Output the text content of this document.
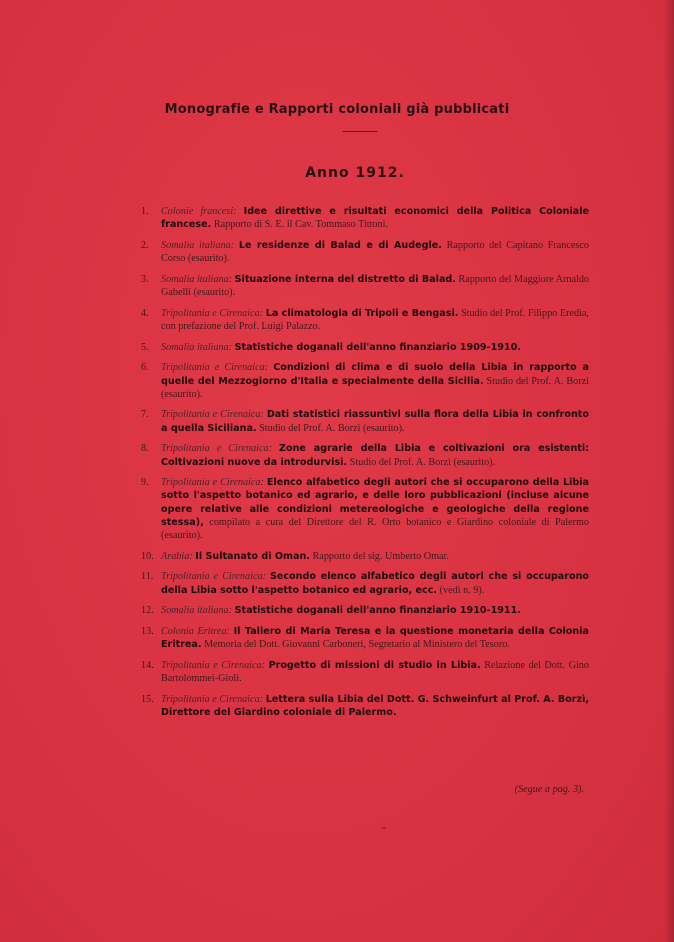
Monografie e Rapporti coloniali già pubblicati
Anno 1912.
1. Colonie francesi: Idee direttive e risultati economici della Politica Coloniale francese. Rapporto di S. E. il Cav. Tommaso Tittoni.
2. Somalia italiana: Le residenze di Balad e di Audegle. Rapporto del Capitano Francesco Corso (esaurito).
3. Somalia italiana: Situazione interna del distretto di Balad. Rapporto del Maggiore Arnaldo Gabelli (esaurito).
4. Tripolitania e Cirenaica: La climatologia di Tripoli e Bengasi. Studio del Prof. Filippo Eredia, con prefazione del Prof. Luigi Palazzo.
5. Somalia italiana: Statistiche doganali dell'anno finanziario 1909-1910.
6. Tripolitania e Cirenaica: Condizioni di clima e di suolo della Libia in rapporto a quelle del Mezzogiorno d'Italia e specialmente della Sicilia. Studio del Prof. A. Borzì (esaurito).
7. Tripolitania e Cirenaica: Dati statistici riassuntivi sulla flora della Libia in confronto a quella Siciliana. Studio del Prof. A. Borzì (esaurito).
8. Tripolitania e Cirenaica: Zone agrarie della Libia e coltivazioni ora esistenti: Coltivazioni nuove da introdurvisi. Studio del Prof. A. Borzì (esaurito).
9. Tripolitania e Cirenaica: Elenco alfabetico degli autori che si occuparono della Libia sotto l'aspetto botanico ed agrario, e delle loro pubblicazioni (incluse alcune opere relative alle condizioni metereologiche e geologiche della regione stessa), compilato a cura del Direttore del R. Orto botanico e Giardino coloniale di Palermo (esaurito).
10. Arabia: Il Sultanato di Oman. Rapporto del sig. Umberto Omar.
11. Tripolitania e Cirenaica: Secondo elenco alfabetico degli autori che si occuparono della Libia sotto l'aspetto botanico ed agrario, ecc. (vedi n. 9).
12. Somalia italiana: Statistiche doganali dell'anno finanziario 1910-1911.
13. Colonia Eritrea: Il Tallero di Maria Teresa e la questione monetaria della Colonia Eritrea. Memoria del Dott. Giovanni Carboneri, Segretario al Ministero del Tesoro.
14. Tripolitania e Cirenaica: Progetto di missioni di studio in Libia. Relazione del Dott. Gino Bartolommei-Gioli.
15. Tripolitania e Cirenaica: Lettera sulla Libia del Dott. G. Schweinfurt al Prof. A. Borzì, Direttore del Giardino coloniale di Palermo.
(Segue a pag. 3).
″
